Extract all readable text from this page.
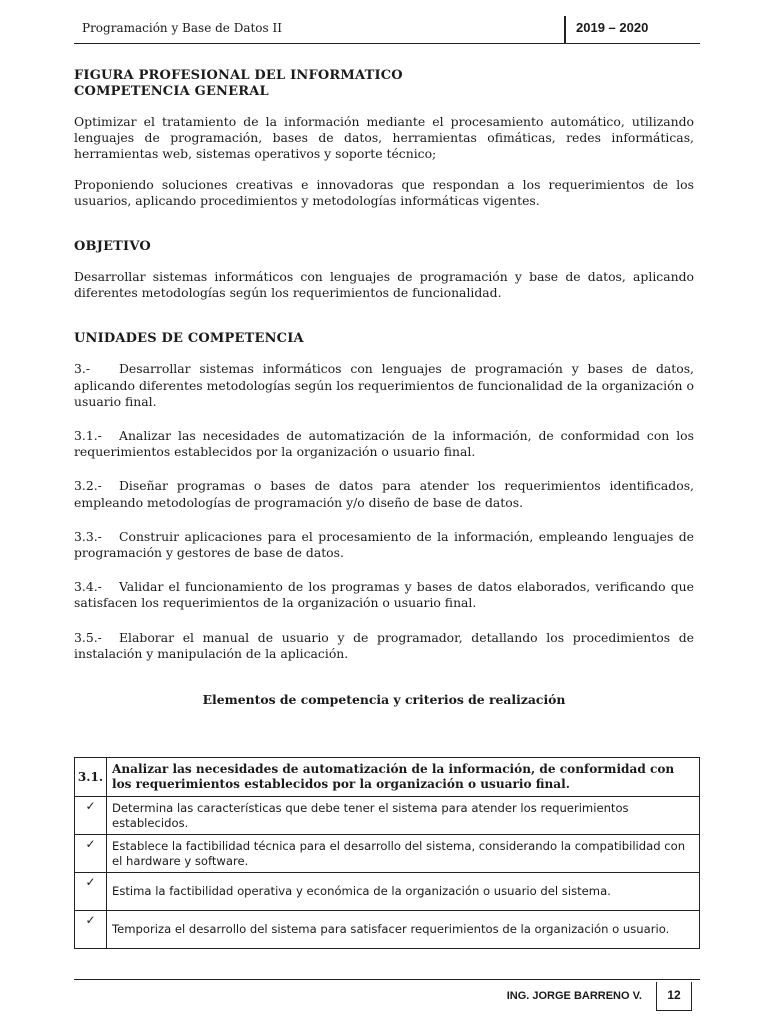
Programación y Base de Datos II	2019 – 2020
FIGURA PROFESIONAL DEL INFORMATICO
COMPETENCIA GENERAL

Optimizar el tratamiento de la información mediante el procesamiento automático, utilizando lenguajes de programación, bases de datos, herramientas ofimáticas, redes informáticas, herramientas web, sistemas operativos y soporte técnico;

Proponiendo soluciones creativas e innovadoras que respondan a los requerimientos de los usuarios, aplicando procedimientos y metodologías informáticas vigentes.

OBJETIVO

Desarrollar sistemas informáticos con lenguajes de programación y base de datos, aplicando diferentes metodologías según los requerimientos de funcionalidad.

UNIDADES DE COMPETENCIA

3.- Desarrollar sistemas informáticos con lenguajes de programación y bases de datos, aplicando diferentes metodologías según los requerimientos de funcionalidad de la organización o usuario final.

3.1.- Analizar las necesidades de automatización de la información, de conformidad con los requerimientos establecidos por la organización o usuario final.

3.2.- Diseñar programas o bases de datos para atender los requerimientos identificados, empleando metodologías de programación y/o diseño de base de datos.

3.3.- Construir aplicaciones para el procesamiento de la información, empleando lenguajes de programación y gestores de base de datos.

3.4.- Validar el funcionamiento de los programas y bases de datos elaborados, verificando que satisfacen los requerimientos de la organización o usuario final.

3.5.- Elaborar el manual de usuario y de programador, detallando los procedimientos de instalación y manipulación de la aplicación.

Elementos de competencia y criterios de realización
3.1.	Analizar las necesidades de automatización de la información, de conformidad con los requerimientos establecidos por la organización o usuario final.
✓	Determina las características que debe tener el sistema para atender los requerimientos establecidos.
✓	Establece la factibilidad técnica para el desarrollo del sistema, considerando la compatibilidad con el hardware y software.
✓	Estima la factibilidad operativa y económica de la organización o usuario del sistema.
✓	Temporiza el desarrollo del sistema para satisfacer requerimientos de la organización o usuario.
ING. JORGE BARRENO V.	12
